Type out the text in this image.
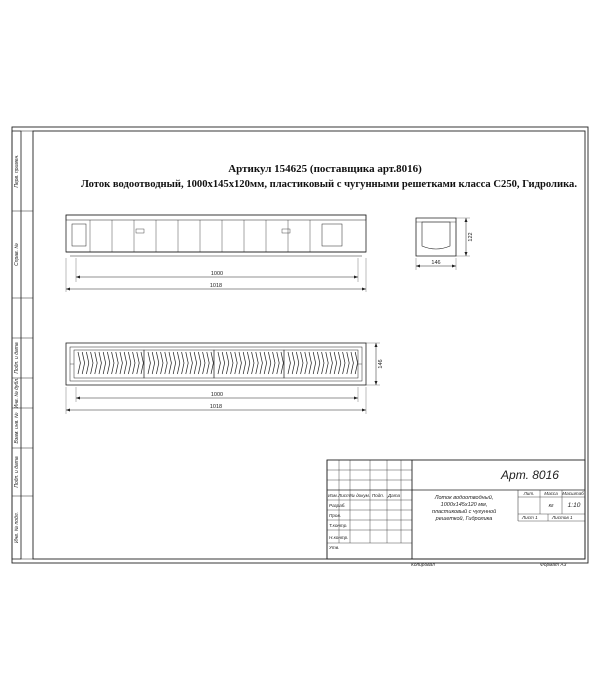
Перв. примен.
Справ. №
Подп. и дата
Инв. № дубл.
Взам. инв. №
Подп. и дата
Инв. № подл.
1000
1018
122
146
146
1000
1018
Изм. Лист № докум. Подп. Дата
Разраб.
Пров.
Т.контр.
Н.контр.
Утв.
Арт. 8016
Лоток водоотводный,
1000х145х120 мм,
пластиковый с чугунной
решеткой, Гидролика
Лит. Масса Масштаб
кг 1:10
Лист 1	Листов 1
Копировал	Формат А3
Артикул 154625 (поставщика арт.8016)
Лоток водоотводный, 1000х145х120мм, пластиковый с чугунными решетками класса С250, Гидролика.
